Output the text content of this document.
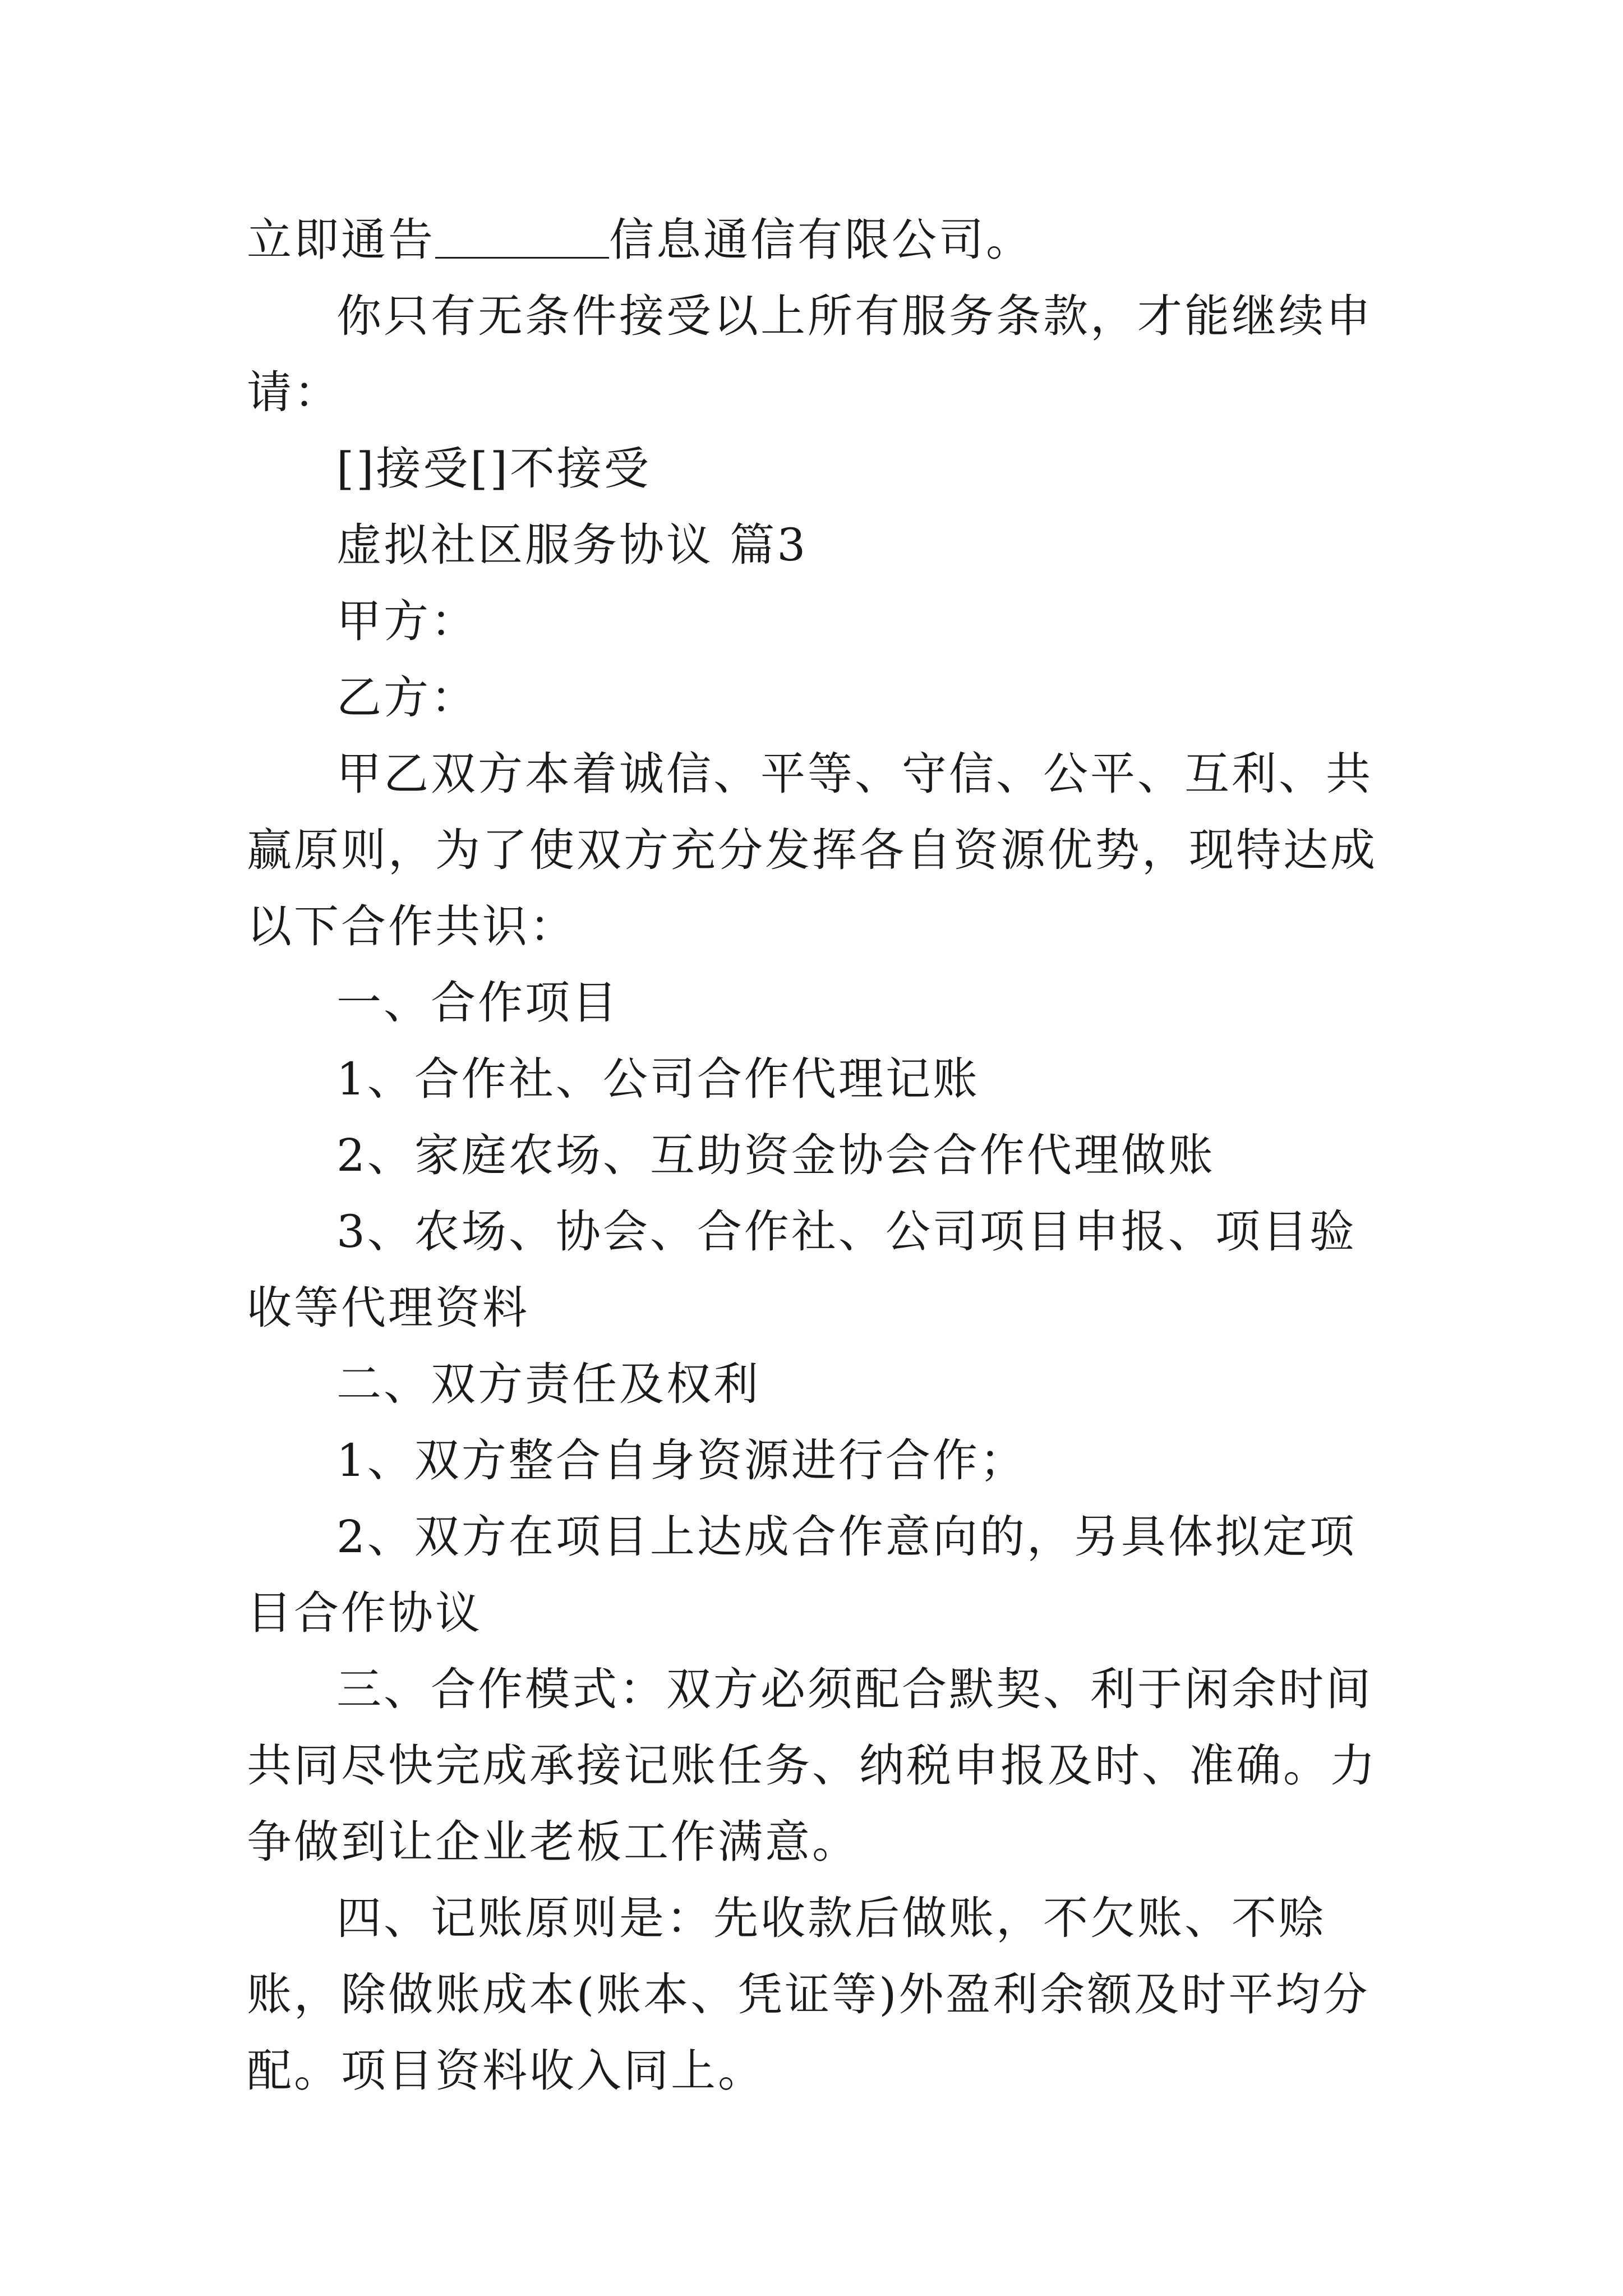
立即通告	信息通信有限公司。

你只有无条件接受以上所有服务条款，才能继续申请：

[]接受[]不接受

虚拟社区服务协议 篇3

甲方：

乙方：

甲乙双方本着诚信、平等、守信、公平、互利、共赢原则，为了使双方充分发挥各自资源优势，现特达成以下合作共识：

一、合作项目

1、合作社、公司合作代理记账

2、家庭农场、互助资金协会合作代理做账

3、农场、协会、合作社、公司项目申报、项目验收等代理资料

二、双方责任及权利

1、双方整合自身资源进行合作；

2、双方在项目上达成合作意向的，另具体拟定项目合作协议

三、合作模式：双方必须配合默契、利于闲余时间共同尽快完成承接记账任务、纳税申报及时、准确。力争做到让企业老板工作满意。

四、记账原则是：先收款后做账，不欠账、不赊账，除做账成本(账本、凭证等)外盈利余额及时平均分配。项目资料收入同上。
